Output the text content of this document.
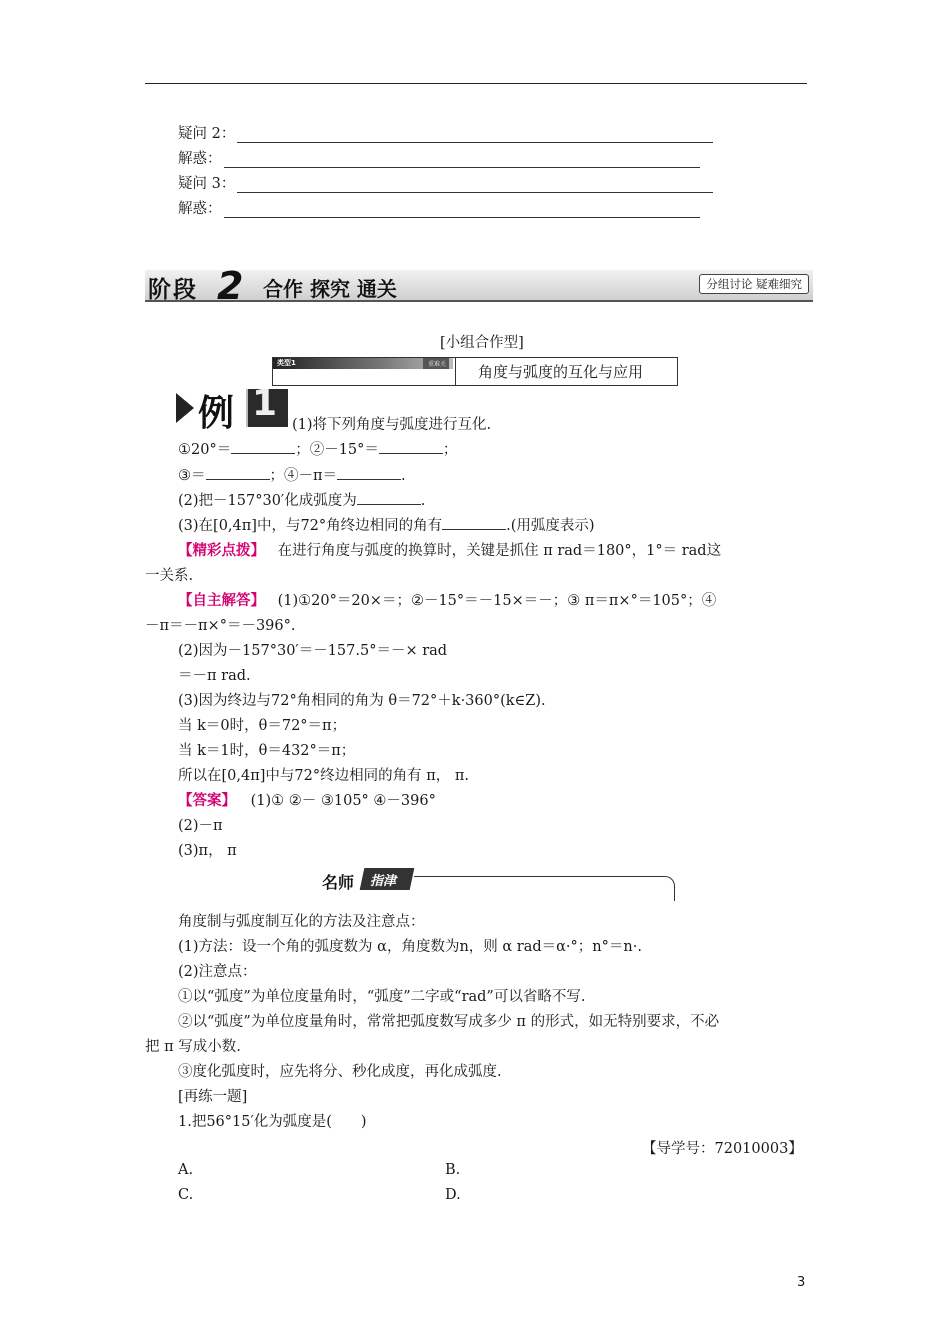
疑问 2：
解惑：
疑问 3：
解惑：
阶段 2 合作 探究 通关	分组讨论 疑难细究
[小组合作型]
类型1	重难关 角度与弧度的互化与应用
例 1
(1)将下列角度与弧度进行互化.
①20°＝	；②－15°＝	；
③＝	；④－π＝	.
(2)把－157°30′化成弧度为	.
(3)在[0,4π]中，与72°角终边相同的角有	.(用弧度表示)
【精彩点拨】 在进行角度与弧度的换算时，关键是抓住 π rad＝180°，1°＝ rad这
一关系.
【自主解答】 (1)①20°＝20×＝；②－15°＝－15×＝－；③ π＝π×°＝105°；④
－π＝－π×°＝－396°.
(2)因为－157°30′＝－157.5°＝－× rad
＝－π rad.
(3)因为终边与72°角相同的角为 θ＝72°＋k·360°(k∈Z).
当 k＝0时，θ＝72°＝π；
当 k＝1时，θ＝432°＝π；
所以在[0,4π]中与72°终边相同的角有 π， π.
【答案】 (1)① ②－ ③105° ④－396°
(2)－π
(3)π， π
名师 指津
角度制与弧度制互化的方法及注意点：
(1)方法：设一个角的弧度数为 α，角度数为n，则 α rad＝α·°；n°＝n·.
(2)注意点：
①以“弧度”为单位度量角时，“弧度”二字或“rad”可以省略不写.
②以“弧度”为单位度量角时，常常把弧度数写成多少 π 的形式，如无特别要求，不必
把 π 写成小数.
③度化弧度时，应先将分、秒化成度，再化成弧度.
[再练一题]
1.把56°15′化为弧度是(　　)
【导学号：72010003】
A.	B.
C.	D.
3
